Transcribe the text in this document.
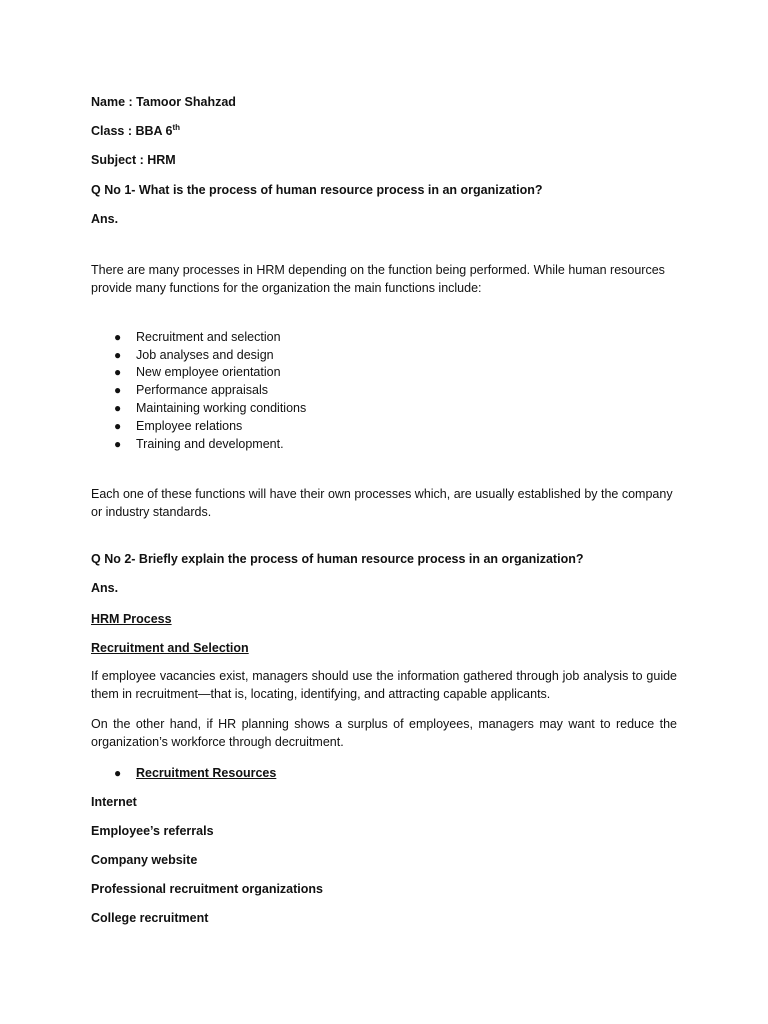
Name : Tamoor Shahzad
Class : BBA 6th
Subject : HRM
Q No 1- What is the process of human resource process in an organization?
Ans.
There are many processes in HRM depending on the function being performed. While human resources provide many functions for the organization the main functions include:
● Recruitment and selection
● Job analyses and design
● New employee orientation
● Performance appraisals
● Maintaining working conditions
● Employee relations
● Training and development.
Each one of these functions will have their own processes which, are usually established by the company or industry standards.
Q No 2- Briefly explain the process of human resource process in an organization?
Ans.
HRM Process
Recruitment and Selection
If employee vacancies exist, managers should use the information gathered through job analysis to guide them in recruitment—that is, locating, identifying, and attracting capable applicants.
On the other hand, if HR planning shows a surplus of employees, managers may want to reduce the organization’s workforce through decruitment.
● Recruitment Resources
Internet
Employee’s referrals
Company website
Professional recruitment organizations
College recruitment
